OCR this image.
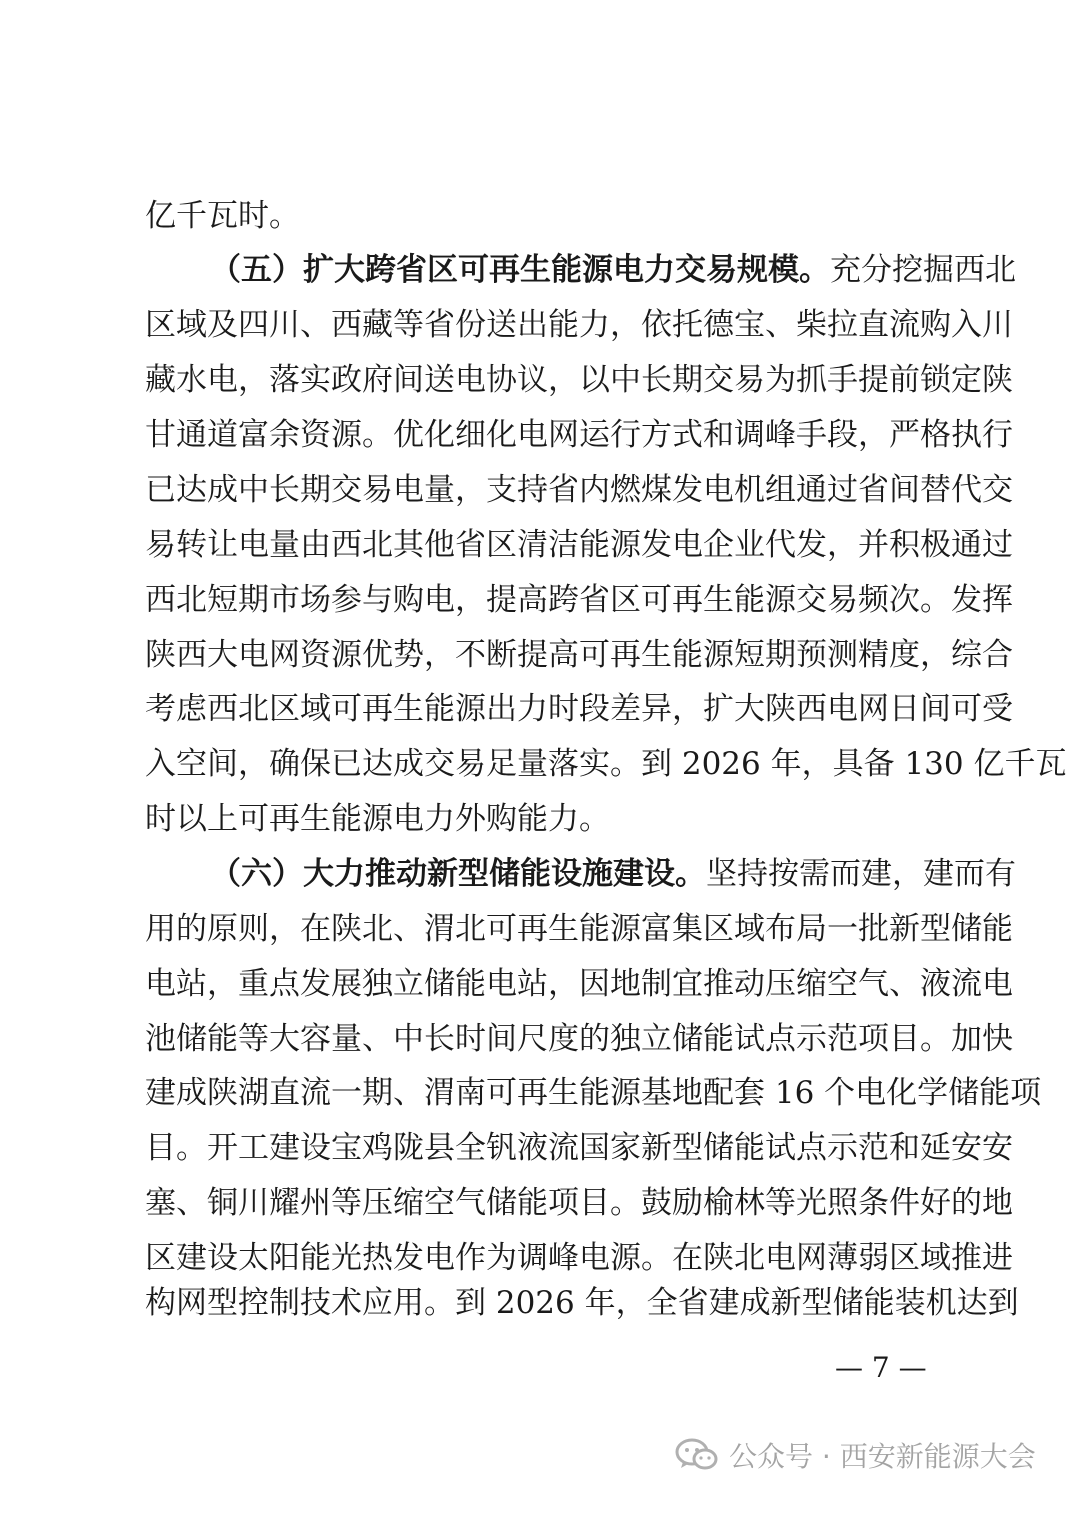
亿千瓦时。
（五）扩大跨省区可再生能源电力交易规模。充分挖掘西北
区域及四川、西藏等省份送出能力，依托德宝、柴拉直流购入川
藏水电，落实政府间送电协议，以中长期交易为抓手提前锁定陕
甘通道富余资源。优化细化电网运行方式和调峰手段，严格执行
已达成中长期交易电量，支持省内燃煤发电机组通过省间替代交
易转让电量由西北其他省区清洁能源发电企业代发，并积极通过
西北短期市场参与购电，提高跨省区可再生能源交易频次。发挥
陕西大电网资源优势，不断提高可再生能源短期预测精度，综合
考虑西北区域可再生能源出力时段差异，扩大陕西电网日间可受
入空间，确保已达成交易足量落实。到 2026 年，具备 130 亿千瓦
时以上可再生能源电力外购能力。
（六）大力推动新型储能设施建设。坚持按需而建，建而有
用的原则，在陕北、渭北可再生能源富集区域布局一批新型储能
电站，重点发展独立储能电站，因地制宜推动压缩空气、液流电
池储能等大容量、中长时间尺度的独立储能试点示范项目。加快
建成陕湖直流一期、渭南可再生能源基地配套 16 个电化学储能项
目。开工建设宝鸡陇县全钒液流国家新型储能试点示范和延安安
塞、铜川耀州等压缩空气储能项目。鼓励榆林等光照条件好的地
区建设太阳能光热发电作为调峰电源。在陕北电网薄弱区域推进
构网型控制技术应用。到 2026 年，全省建成新型储能装机达到
— 7 —
公众号 · 西安新能源大会
